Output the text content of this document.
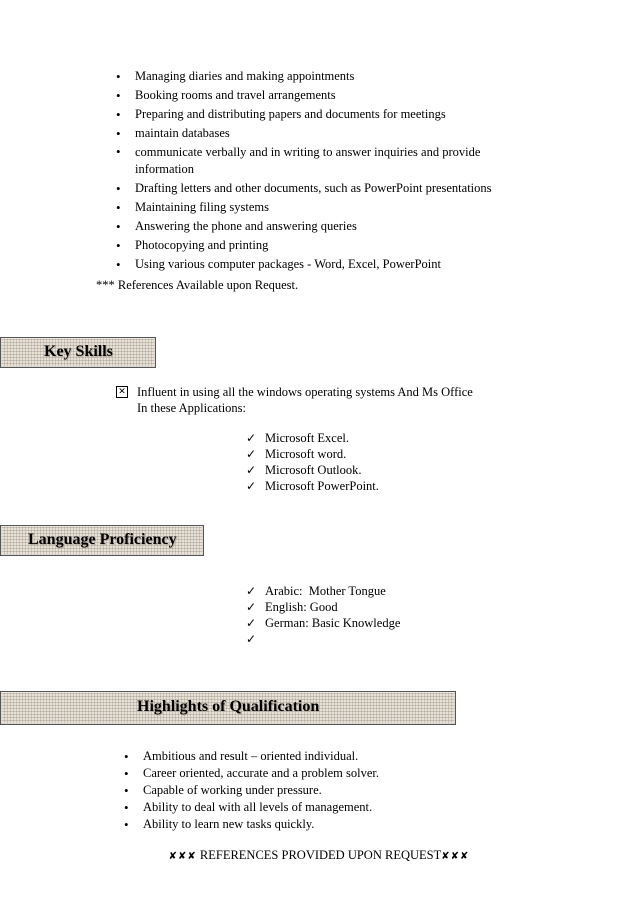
• Managing diaries and making appointments
• Booking rooms and travel arrangements
• Preparing and distributing papers and documents for meetings
• maintain databases
• communicate verbally and in writing to answer inquiries and provide information
• Drafting letters and other documents, such as PowerPoint presentations
• Maintaining filing systems
• Answering the phone and answering queries
• Photocopying and printing
• Using various computer packages - Word, Excel, PowerPoint
*** References Available upon Request.
Key Skills
✕ Influent in using all the windows operating systems And Ms Office
In these Applications:
✓ Microsoft Excel.
✓ Microsoft word.
✓ Microsoft Outlook.
✓ Microsoft PowerPoint.
Language Proficiency
✓ Arabic:  Mother Tongue
✓ English: Good
✓ German: Basic Knowledge
✓
Highlights of Qualification
• Ambitious and result – oriented individual.
• Career oriented, accurate and a problem solver.
• Capable of working under pressure.
• Ability to deal with all levels of management.
• Ability to learn new tasks quickly.
✘✘✘ REFERENCES PROVIDED UPON REQUEST✘✘✘
